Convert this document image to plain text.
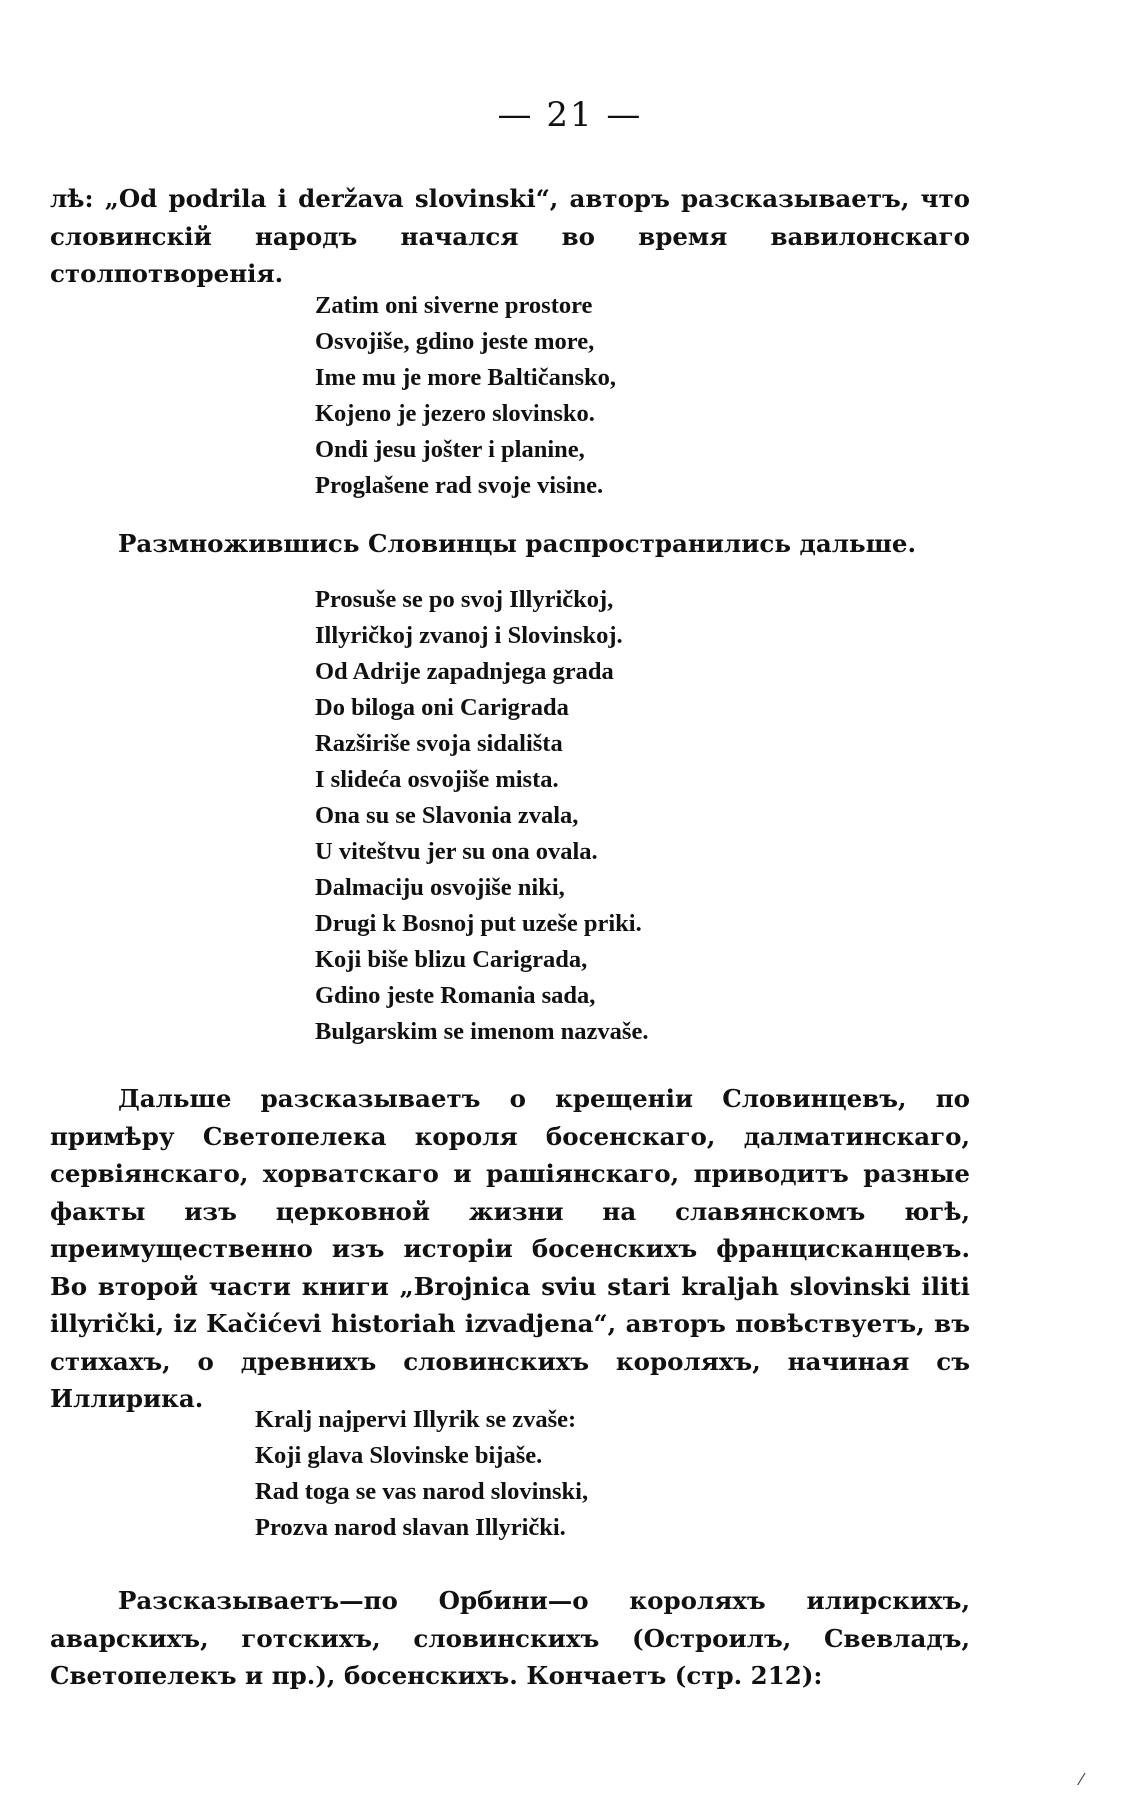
— 21 —

лѣ: „Od podrila i deržava slovinski“, авторъ разсказываетъ, что словинскій народъ начался во время вавилонскаго столпотворенія.

Zatim oni siverne prostore
Osvojiše, gdino jeste more,
Ime mu je more Baltičansko,
Kojeno je jezero slovinsko.
Ondi jesu jošter i planine,
Proglašene rad svoje visine.

Размножившись Словинцы распространились дальше.

Prosuše se po svoj Illyričkoj,
Illyričkoj zvanoj i Slovinskoj.
Od Adrije zapadnjega grada
Do biloga oni Carigrada
Razširiše svoja sidališta
I slideća osvojiše mista.
Ona su se Slavonia zvala,
U viteštvu jer su ona ovala.
Dalmaciju osvojiše niki,
Drugi k Bosnoj put uzeše priki.
Koji biše blizu Carigrada,
Gdino jeste Romania sada,
Bulgarskim se imenom nazvaše.

Дальше разсказываетъ о крещеніи Словинцевъ, по примѣру Светопелека короля босенскаго, далматинскаго, сервіянскаго, хорватскаго и рашіянскаго, приводитъ разные факты изъ церковной жизни на славянскомъ югѣ, преимущественно изъ исторіи босенскихъ францисканцевъ. Во второй части книги „Brojnica sviu stari kraljah slovinski iliti illyrički, iz Kačićevi historiah izvadjena“, авторъ повѣствуетъ, въ стихахъ, о древнихъ словинскихъ короляхъ, начиная съ Иллирика.

Kralj najpervi Illyrik se zvaše:
Koji glava Slovinske bijaše.
Rad toga se vas narod slovinski,
Prozva narod slavan Illyrički.

Разсказываетъ—по Орбини—о короляхъ илирскихъ, аварскихъ, готскихъ, словинскихъ (Остроилъ, Свевладъ, Светопелекъ и пр.), босенскихъ. Кончаетъ (стр. 212):

⁄
